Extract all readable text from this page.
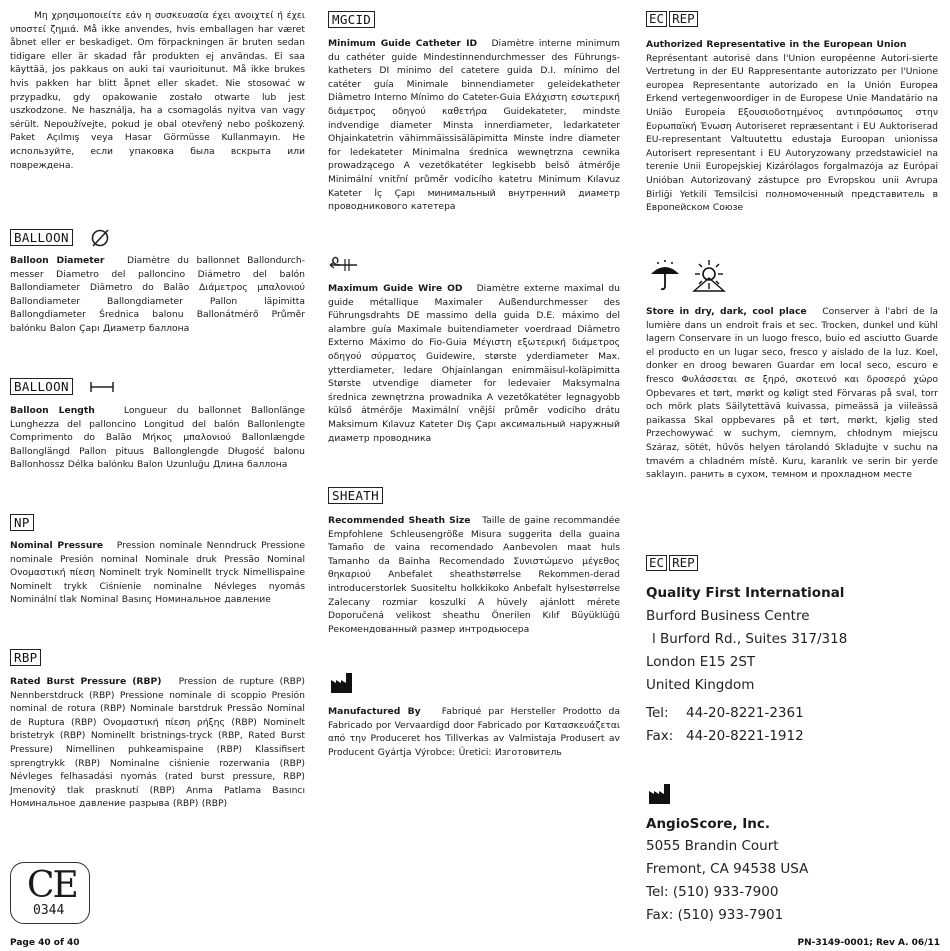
Μη χρησιμοποιείτε εάν η συσκευασία έχει ανοιχτεί ή έχει υποστεί ζημιά. Må ikke anvendes, hvis emballagen har været åbnet eller er beskadiget. Om förpackningen är bruten sedan tidigare eller är skadad får produkten ej användas. Ei saa käyttää, jos pakkaus on auki tai vaurioitunut. Må ikke brukes hvis pakken har blitt åpnet eller skadet. Nie stosować w przypadku, gdy opakowanie zostało otwarte lub jest uszkodzone. Ne használja, ha a csomagolás nyitva van vagy sérült. Nepoužívejte, pokud je obal otevřený nebo poškozený. Paket Açılmış veya Hasar Görmüsse Kullanmayın. Не используйте, если упаковка была вскрыта или повреждена.
BALLOON
Balloon Diameter Diamètre du ballonnet Ballondurch-messer Diametro del palloncino Diámetro del balón Ballondiameter Diâmetro do Balão Διάμετρος μπαλονιού Ballondiameter Ballongdiameter Pallon läpimitta Ballongdiameter Średnica balonu Ballonátmérő Průměr balónku Balon Çapı Диаметр баллона
BALLOON
Balloon Length	Longueur du ballonnet Ballonlänge Lunghezza del palloncino Longitud del balón Ballonlengte Comprimento do Balão Μήκος μπαλονιού Ballonlængde Ballonglängd Pallon pituus Ballonglengde Długość balonu Ballonhossz Délka balónku Balon Uzunluğu Длина баллона
NP
Nominal Pressure Pression nominale Nenndruck Pressione nominale Presión nominal Nominale druk Pressão Nominal Ονομαστική πίεση Nominelt tryk Nominellt tryck Nimellispaine Nominelt trykk Ciśnienie nominalne Névleges nyomás Nominální tlak Nominal Basınç Номинальное давление
RBP
Rated Burst Pressure (RBP) Pression de rupture (RBP) Nennberstdruck (RBP) Pressione nominale di scoppio Presión nominal de rotura (RBP) Nominale barstdruk Pressão Nominal de Ruptura (RBP) Ονομαστική πίεση ρήξης (RBP) Nominelt bristetryk (RBP) Nominellt bristnings-tryck (RBP, Rated Burst Pressure) Nimellinen puhkeamispaine (RBP) Klassifisert sprengtrykk (RBP) Nominalne ciśnienie rozerwania (RBP) Névleges felhasadási nyomás (rated burst pressure, RBP) Jmenovitý tlak prasknutí (RBP) Anma Patlama Basıncı Номинальное давление разрыва (RBP) (RBP)
CE
0344
MGCID
Minimum Guide Catheter ID Diamètre interne minimum du cathéter guide Mindestinnendurchmesser des Führungs-katheters DI minimo del catetere guida D.I. mínimo del catéter guía Minimale binnendiameter geleidekatheter Diâmetro Interno Mínimo do Cateter-Guia Ελάχιστη εσωτερική διάμετρος οδηγού καθετήρα Guidekateter, mindste indvendige diameter Minsta innerdiameter, ledarkateter Ohjainkatetrin vähimmäissisäläpimitta Minste indre diameter for ledekateter Minimalna średnica wewnętrzna cewnika prowadzącego A vezetőkatéter legkisebb belső átmérője Minimální vnitřní průměr vodicího katetru Minimum Kılavuz Kateter İç Çapı минимальный внутренний диаметр проводникового катетера
Maximum Guide Wire OD Diamètre externe maximal du guide métallique Maximaler Außendurchmesser des Führungsdrahts DE massimo della guida D.E. máximo del alambre guía Maximale buitendiameter voerdraad Diâmetro Externo Máximo do Fio-Guia Μέγιστη εξωτερική διάμετρος οδηγού σύρματος Guidewire, største yderdiameter Max. ytterdiameter, ledare Ohjainlangan enimmäisul-koläpimitta Største utvendige diameter for ledevaier Maksymalna średnica zewnętrzna prowadnika A vezetőkatéter legnagyobb külső átmérője Maximální vnější průměr vodicího drátu Maksimum Kılavuz Kateter Dış Çapı аксимальный наружный диаметр проводника
SHEATH
Recommended Sheath Size Taille de gaine recommandée Empfohlene Schleusengröße Misura suggerita della guaina Tamaño de vaina recomendado Aanbevolen maat huls Tamanho da Bainha Recomendado Συνιστώμενο μέγεθος θηκαριού Anbefalet sheathstørrelse Rekommen-derad introducerstorlek Suositeltu holkkikoko Anbefalt hylsestørrelse Zalecany rozmiar koszulki A hüvely ajánlott mérete Doporučená velikost sheathu Önerilen Kılıf Büyüklüğü Рекомендованный размер интродьюсера
Manufactured By Fabriqué par Hersteller Prodotto da Fabricado por Vervaardigd door Fabricado por Κατασκευάζεται από την Produceret hos Tillverkas av Valmistaja Produsert av Producent Gyártja Výrobce: Üretici: Изготовитель
EC REP
Authorized Representative in the European Union
Représentant autorisé dans l'Union européenne Autori-sierte Vertretung in der EU Rappresentante autorizzato per l'Unione europea Representante autorizado en la Unión Europea Erkend vertegenwoordiger in de Europese Unie Mandatário na União Europeia Εξουσιοδοτημένος αντιπρόσωπος στην Ευρωπαϊκή Ένωση Autoriseret repræsentant i EU Auktoriserad EU-representant Valtuutettu edustaja Euroopan unionissa Autorisert representant i EU Autoryzowany przedstawiciel na terenie Unii Europejskiej Kizárólagos forgalmazója az Európai Unióban Autorizovaný zástupce pro Evropskou unii Avrupa Birliği Yetkili Temsilcisi полномоченный представитель в Европейском Союзе
Store in dry, dark, cool place Conserver à l'abri de la lumière dans un endroit frais et sec. Trocken, dunkel und kühl lagern Conservare in un luogo fresco, buio ed asciutto Guarde el producto en un lugar seco, fresco y aislado de la luz. Koel, donker en droog bewaren Guardar em local seco, escuro e fresco Φυλάσσεται σε ξηρό, σκοτεινό και δροσερό χώρο Opbevares et tørt, mørkt og køligt sted Förvaras på sval, torr och mörk plats Säilytettävä kuivassa, pimeässä ja viileässä paikassa Skal oppbevares på et tørt, mørkt, kjølig sted Przechowywać w suchym, ciemnym, chłodnym miejscu Száraz, sötét, hűvös helyen tárolandó Skladujte v suchu na tmavém a chladném místě. Kuru, karanlık ve serin bir yerde saklayın. ранить в сухом, темном и прохладном месте
EC REP
Quality First International
Burford Business Centre
l Burford Rd., Suites 317/318
London E15 2ST
United Kingdom
Tel: 44-20-8221-2361
Fax: 44-20-8221-1912
AngioScore, Inc.
5055 Brandin Court
Fremont, CA 94538 USA
Tel: (510) 933-7900
Fax: (510) 933-7901
Page 40 of 40	PN-3149-0001; Rev A. 06/11
